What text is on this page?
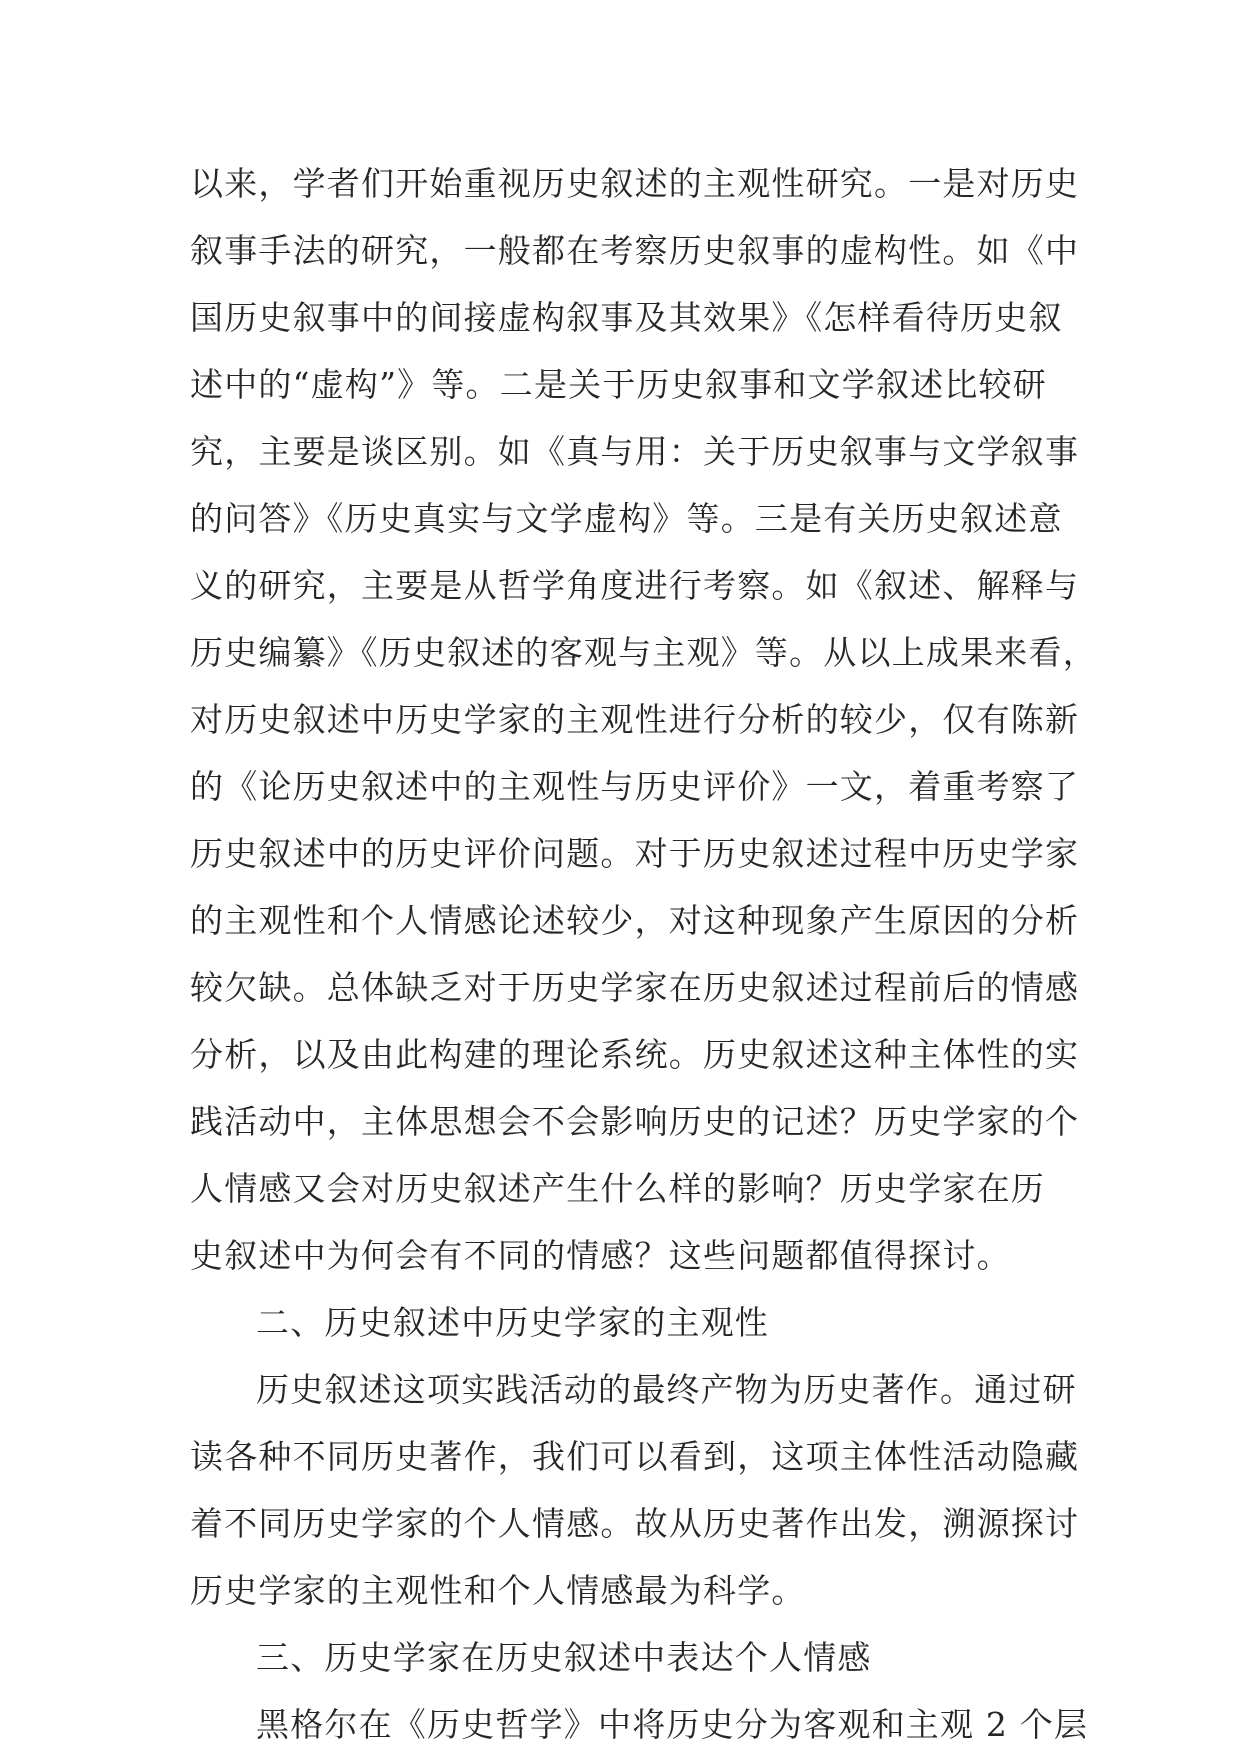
以来，学者们开始重视历史叙述的主观性研究。一是对历史
叙事手法的研究，一般都在考察历史叙事的虚构性。如《中
国历史叙事中的间接虚构叙事及其效果》《怎样看待历史叙
述中的“虚构”》等。二是关于历史叙事和文学叙述比较研
究，主要是谈区别。如《真与用：关于历史叙事与文学叙事
的问答》《历史真实与文学虚构》等。三是有关历史叙述意
义的研究，主要是从哲学角度进行考察。如《叙述、解释与
历史编纂》《历史叙述的客观与主观》等。从以上成果来看，
对历史叙述中历史学家的主观性进行分析的较少，仅有陈新
的《论历史叙述中的主观性与历史评价》一文，着重考察了
历史叙述中的历史评价问题。对于历史叙述过程中历史学家
的主观性和个人情感论述较少，对这种现象产生原因的分析
较欠缺。总体缺乏对于历史学家在历史叙述过程前后的情感
分析，以及由此构建的理论系统。历史叙述这种主体性的实
践活动中，主体思想会不会影响历史的记述？历史学家的个
人情感又会对历史叙述产生什么样的影响？历史学家在历
史叙述中为何会有不同的情感？这些问题都值得探讨。
二、历史叙述中历史学家的主观性
历史叙述这项实践活动的最终产物为历史著作。通过研
读各种不同历史著作，我们可以看到，这项主体性活动隐藏
着不同历史学家的个人情感。故从历史著作出发，溯源探讨
历史学家的主观性和个人情感最为科学。
三、历史学家在历史叙述中表达个人情感
黑格尔在《历史哲学》中将历史分为客观和主观 2 个层
